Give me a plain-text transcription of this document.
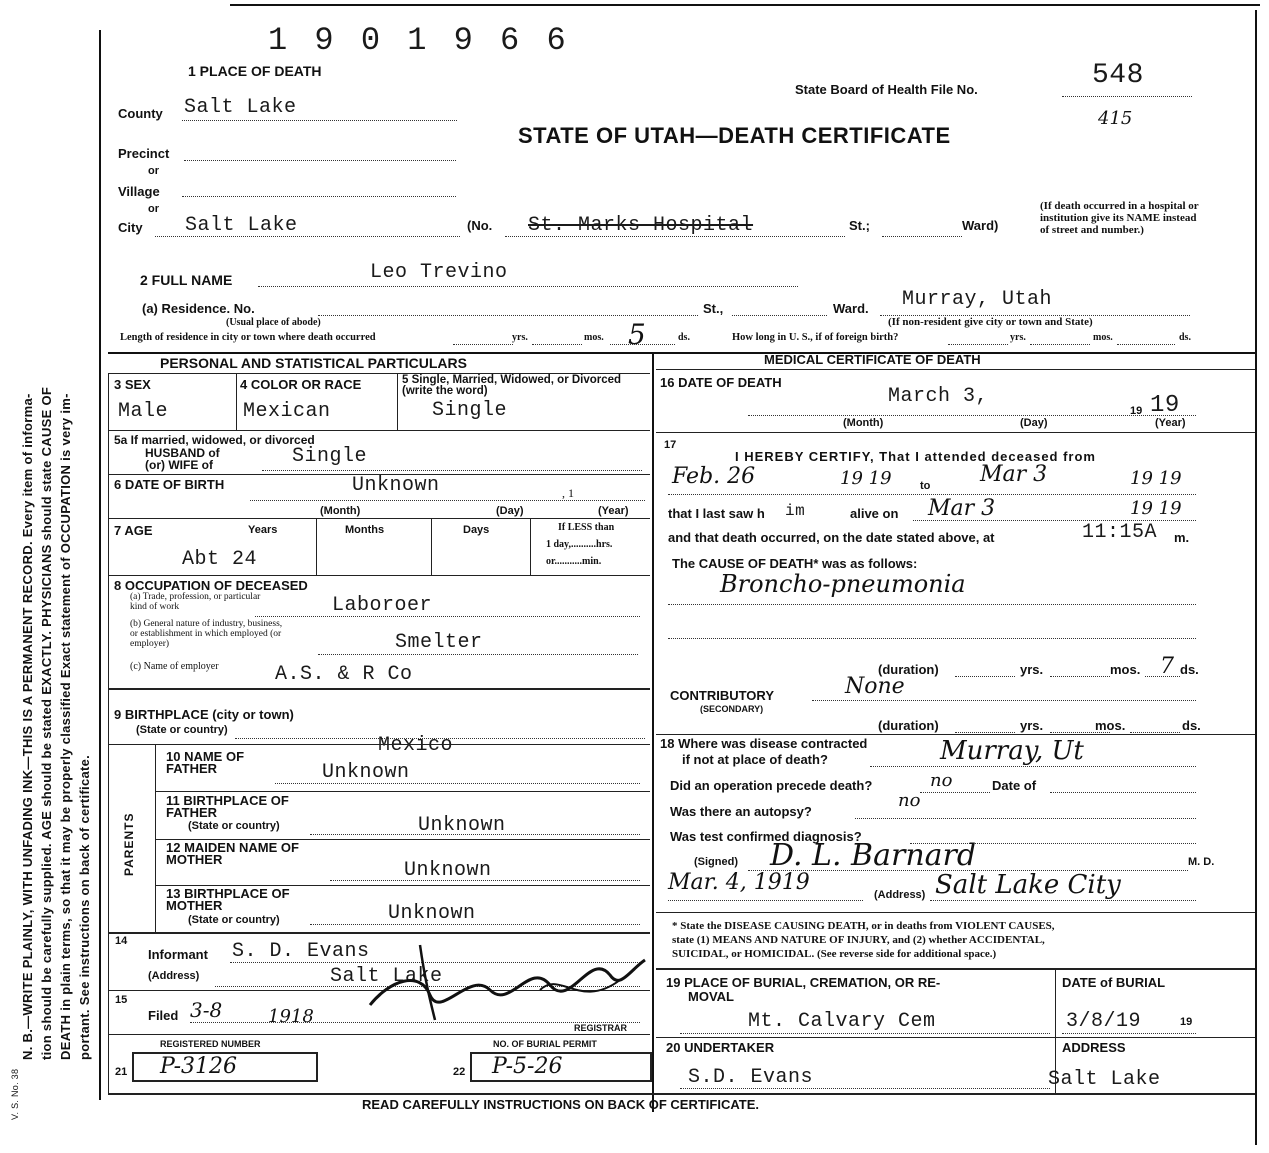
V. S. No. 38
N. B.—WRITE PLAINLY, WITH UNFADING INK—THIS IS A PERMANENT RECORD. Every item of informa- tion should be carefully supplied. AGE should be stated EXACTLY. PHYSICIANS should state CAUSE OF DEATH in plain terms, so that it may be properly classified Exact statement of OCCUPATION is very im- portant. See instructions on back of certificate.
1 9 0 1 9 6 6
1 PLACE OF DEATH
County Salt Lake
Precinct
or
Village
or
City Salt Lake	(No. St. Marks Hospital	St.;	Ward)
(If death occurred in a hospital or institution give its NAME instead of street and number.)
State Board of Health File No.	548
415
STATE OF UTAH—DEATH CERTIFICATE
2 FULL NAME	Leo Trevino
(a) Residence. No.	St.,	Ward. Murray, Utah
(Usual place of abode)	(If non-resident give city or town and State)
Length of residence in city or town where death occurred	yrs.	mos. 5	ds.	How long in U. S., if of foreign birth?	yrs.	mos.	ds.
PERSONAL AND STATISTICAL PARTICULARS	MEDICAL CERTIFICATE OF DEATH
3 SEX
Male
4 COLOR OR RACE
Mexican
5 Single, Married, Widowed, or Divorced (write the word)
Single
5a If married, widowed, or divorced
HUSBAND of
(or) WIFE of	Single
6 DATE OF BIRTH	Unknown	, 1
(Month)	(Day)	(Year)
7 AGE	Years	Months	Days	If LESS than
1 day,..........hrs.
or...........min.
Abt 24
8 OCCUPATION OF DECEASED
(a) Trade, profession, or particular kind of work	Laboroer
(b) General nature of industry, business, or establishment in which employed (or employer)	Smelter
(c) Name of employer	A.S. & R Co
9 BIRTHPLACE (city or town)
(State or country)
Mexico
PARENTS
10 NAME OF FATHER	Unknown
11 BIRTHPLACE OF FATHER
(State or country)	Unknown
12 MAIDEN NAME OF MOTHER	Unknown
13 BIRTHPLACE OF MOTHER
(State or country)	Unknown
14
Informant S. D. Evans
(Address)	Salt Lake
15
Filed 3-8	1918
REGISTRAR
REGISTERED NUMBER
21 P-3126
NO. OF BURIAL PERMIT
22 P-5-26
16 DATE OF DEATH
March 3,
19 19
(Month)	(Day)	(Year)
17
I HEREBY CERTIFY, That I attended deceased from
Feb. 26	19 19	to Mar 3	19 19
that I last saw h im	alive on Mar 3	19 19
and that death occurred, on the date stated above, at	11:15A m.
The CAUSE OF DEATH* was as follows:
Broncho-pneumonia
(duration)	yrs.	mos. 7 ds.
CONTRIBUTORY
(SECONDARY)
None
(duration)	yrs.	mos.	ds.
18 Where was disease contracted
if not at place of death?	Murray, Ut
Did an operation precede death?	no	Date of
Was there an autopsy?
no
Was test confirmed diagnosis?
(Signed) D. L. Barnard	M. D.
Mar. 4, 1919	(Address) Salt Lake City
* State the DISEASE CAUSING DEATH, or in deaths from VIOLENT CAUSES,
state (1) MEANS AND NATURE OF INJURY, and (2) whether ACCIDENTAL,
SUICIDAL, or HOMICIDAL. (See reverse side for additional space.)
19 PLACE OF BURIAL, CREMATION, OR RE-
MOVAL
Mt. Calvary Cem
DATE of BURIAL
3/8/19	19
20 UNDERTAKER
S.D. Evans
ADDRESS
Salt Lake
READ CAREFULLY INSTRUCTIONS ON BACK OF CERTIFICATE.
